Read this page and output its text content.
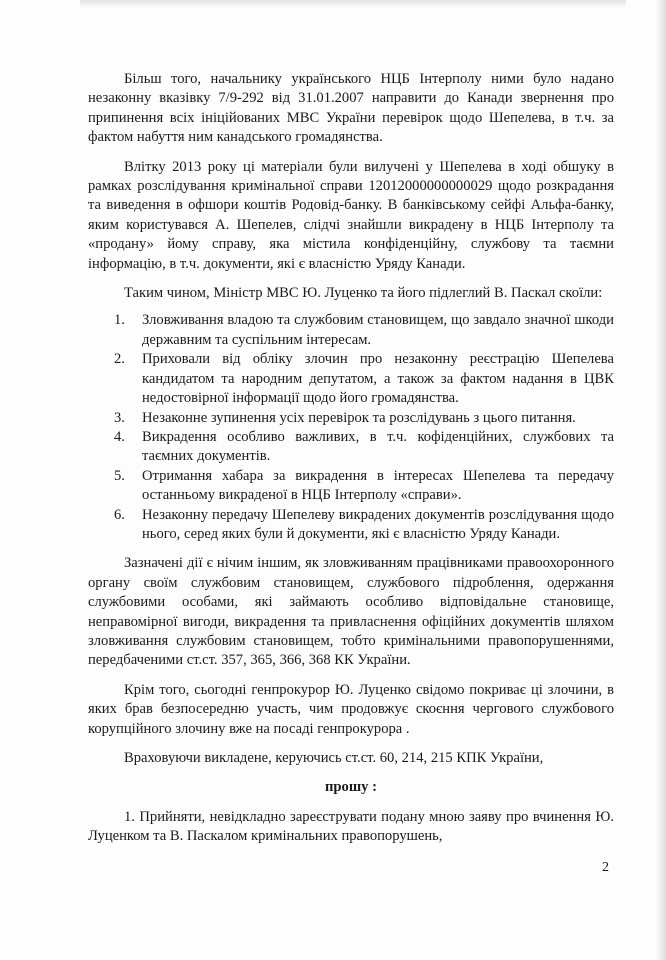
Більш того, начальнику українського НЦБ Інтерполу ними було надано незаконну вказівку 7/9-292 від 31.01.2007 направити до Канади звернення про припинення всіх ініційованих МВС України перевірок щодо Шепелева, в т.ч. за фактом набуття ним канадського громадянства.

Влітку 2013 року ці матеріали були вилучені у Шепелева в ході обшуку в рамках розслідування кримінальної справи 12012000000000029 щодо розкрадання та виведення в офшори коштів Родовід-банку. В банківському сейфі Альфа-банку, яким користувався А. Шепелев, слідчі знайшли викрадену в НЦБ Інтерполу та «продану» йому справу, яка містила конфіденційну, службову та таємни інформацію, в т.ч. документи, які є власністю Уряду Канади.

Таким чином, Міністр МВС Ю. Луценко та його підлеглий В. Паскал скоїли:

1.	Зловживання владою та службовим становищем, що завдало значної шкоди державним та суспільним інтересам.
2.	Приховали від обліку злочин про незаконну реєстрацію Шепелева кандидатом та народним депутатом, а також за фактом надання в ЦВК недостовірної інформації щодо його громадянства.
3.	Незаконне зупинення усіх перевірок та розслідувань з цього питання.
4.	Викрадення особливо важливих, в т.ч. кофіденційних, службових та таємних документів.
5.	Отримання хабара за викрадення в інтересах Шепелева та передачу останньому викраденої в НЦБ Інтерполу «справи».
6.	Незаконну передачу Шепелеву викрадених документів розслідування щодо нього, серед яких були й документи, які є власністю Уряду Канади.

Зазначені дії є нічим іншим, як зловживанням працівниками правоохоронного органу своїм службовим становищем, службового підроблення, одержання службовими особами, які займають особливо відповідальне становище, неправомірної вигоди, викрадення та привласнення офіційних документів шляхом зловживання службовим становищем, тобто кримінальними правопорушеннями, передбаченими ст.ст. 357, 365, 366, 368 КК України.

Крім того, сьогодні генпрокурор Ю. Луценко свідомо покриває ці злочини, в яких брав безпосередню участь, чим продовжує скоєння чергового службового корупційного злочину вже на посаді генпрокурора .

Враховуючи викладене, керуючись ст.ст. 60, 214, 215 КПК України,

прошу :

1. Прийняти, невідкладно зареєструвати подану мною заяву про вчинення Ю. Луценком та В. Паскалом кримінальних правопорушень,

2
